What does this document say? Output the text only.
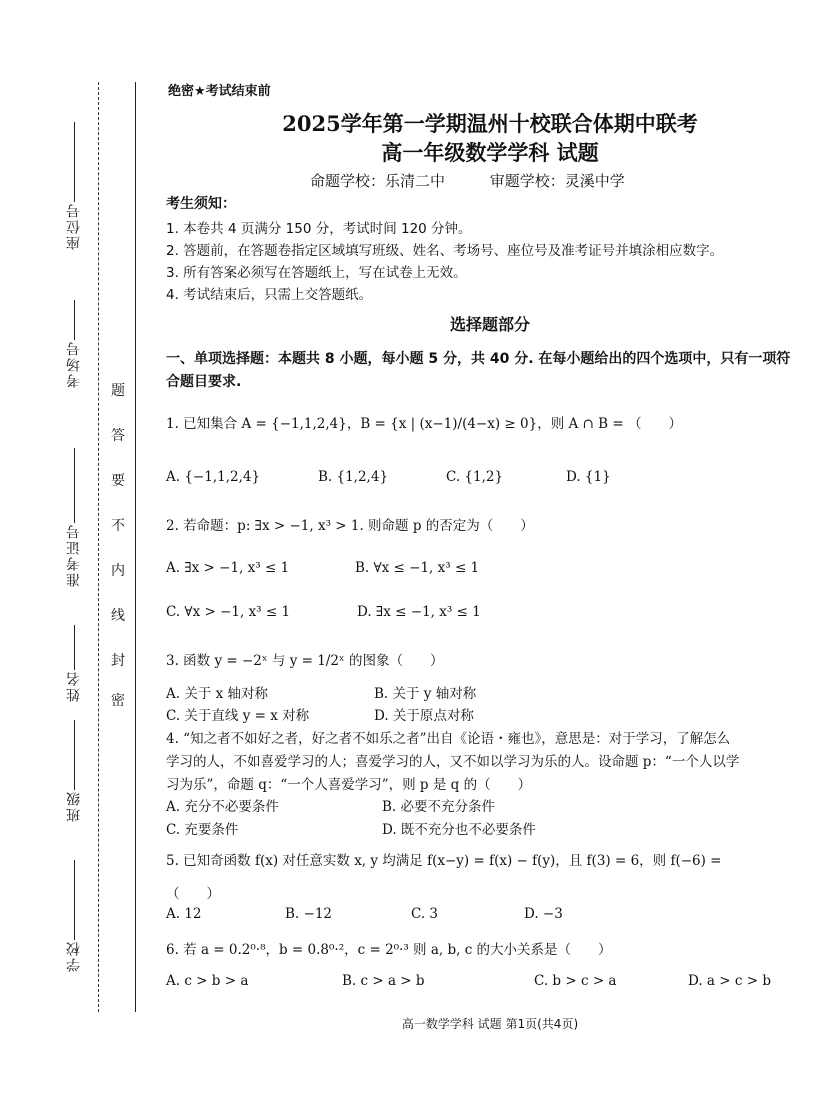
座位号
考场号
准考证号
姓名
班级
学校
题
答
要
不
内
线
封
密
绝密★考试结束前
2025学年第一学期温州十校联合体期中联考
高一年级数学学科 试题
命题学校：乐清二中	审题学校：灵溪中学
考生须知：
1. 本卷共 4 页满分 150 分，考试时间 120 分钟。
2. 答题前，在答题卷指定区域填写班级、姓名、考场号、座位号及准考证号并填涂相应数字。
3. 所有答案必须写在答题纸上，写在试卷上无效。
4. 考试结束后，只需上交答题纸。
选择题部分
一、单项选择题：本题共 8 小题，每小题 5 分，共 40 分. 在每小题给出的四个选项中，只有一项符
合题目要求.
1. 已知集合 A = {−1,1,2,4}，B = {x | (x−1)/(4−x) ≥ 0}，则 A ∩ B = （　　）
A. {−1,1,2,4}	B. {1,2,4}	C. {1,2}	D. {1}
2. 若命题：p: ∃x > −1, x³ > 1. 则命题 p 的否定为（　　）
A. ∃x > −1, x³ ≤ 1	B. ∀x ≤ −1, x³ ≤ 1
C. ∀x > −1, x³ ≤ 1	D. ∃x ≤ −1, x³ ≤ 1
3. 函数 y = −2ˣ 与 y = 1/2ˣ 的图象（　　）
A. 关于 x 轴对称	B. 关于 y 轴对称
C. 关于直线 y = x 对称	D. 关于原点对称
4. “知之者不如好之者，好之者不如乐之者”出自《论语・雍也》，意思是：对于学习，了解怎么
学习的人，不如喜爱学习的人；喜爱学习的人，又不如以学习为乐的人。设命题 p：“一个人以学
习为乐”，命题 q：“一个人喜爱学习”，则 p 是 q 的（　　）
A. 充分不必要条件	B. 必要不充分条件
C. 充要条件	D. 既不充分也不必要条件
5. 已知奇函数 f(x) 对任意实数 x, y 均满足 f(x−y) = f(x) − f(y)，且 f(3) = 6，则 f(−6) =
（　　）
A. 12	B. −12	C. 3	D. −3
6. 若 a = 0.2⁰·⁸，b = 0.8⁰·²，c = 2⁰·³ 则 a, b, c 的大小关系是（　　）
A. c > b > a	B. c > a > b	C. b > c > a	D. a > c > b
高一数学学科 试题 第1页(共4页)
